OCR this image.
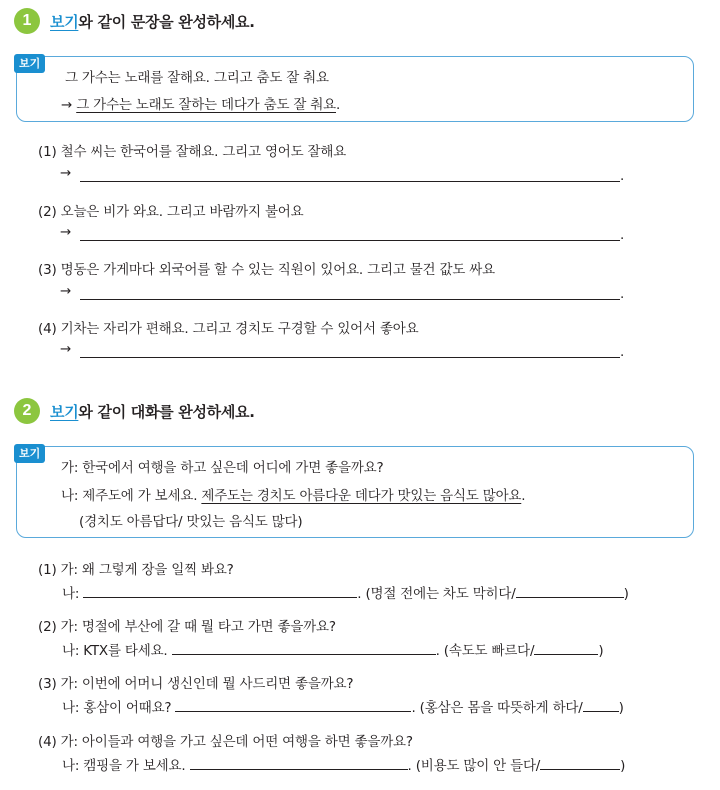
1	보기와 같이 문장을 완성하세요.
보기
그 가수는 노래를 잘해요. 그리고 춤도 잘 춰요
→ 그 가수는 노래도 잘하는 데다가 춤도 잘 춰요.
(1) 철수 씨는 한국어를 잘해요. 그리고 영어도 잘해요
→	.
(2) 오늘은 비가 와요. 그리고 바람까지 불어요
→	.
(3) 명동은 가게마다 외국어를 할 수 있는 직원이 있어요. 그리고 물건 값도 싸요
→	.
(4) 기차는 자리가 편해요. 그리고 경치도 구경할 수 있어서 좋아요
→	.
2	보기와 같이 대화를 완성하세요.
보기
가: 한국에서 여행을 하고 싶은데 어디에 가면 좋을까요?
나: 제주도에 가 보세요. 제주도는 경치도 아름다운 데다가 맛있는 음식도 많아요.
(경치도 아름답다/ 맛있는 음식도 많다)
(1) 가: 왜 그렇게 장을 일찍 봐요?
나:	. (명절 전에는 차도 막히다/	)
(2) 가: 명절에 부산에 갈 때 뭘 타고 가면 좋을까요?
나: KTX를 타세요.	. (속도도 빠르다/	)
(3) 가: 이번에 어머니 생신인데 뭘 사드리면 좋을까요?
나: 홍삼이 어때요?	. (홍삼은 몸을 따뜻하게 하다/	)
(4) 가: 아이들과 여행을 가고 싶은데 어떤 여행을 하면 좋을까요?
나: 캠핑을 가 보세요.	. (비용도 많이 안 들다/	)
